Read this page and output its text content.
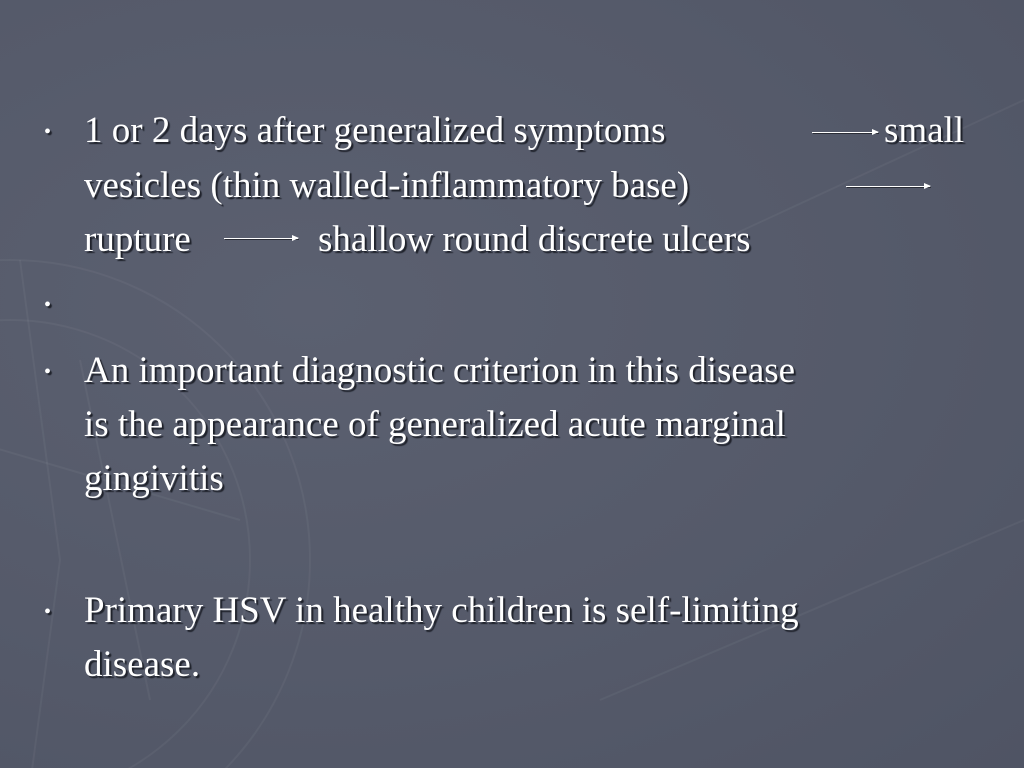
• 1 or 2 days after generalized symptoms	small
vesicles (thin walled-inflammatory base)
rupture	shallow round discrete ulcers
•
• An important diagnostic criterion in this disease
is the appearance of generalized acute marginal
gingivitis
• Primary HSV in healthy children is self-limiting
disease.
